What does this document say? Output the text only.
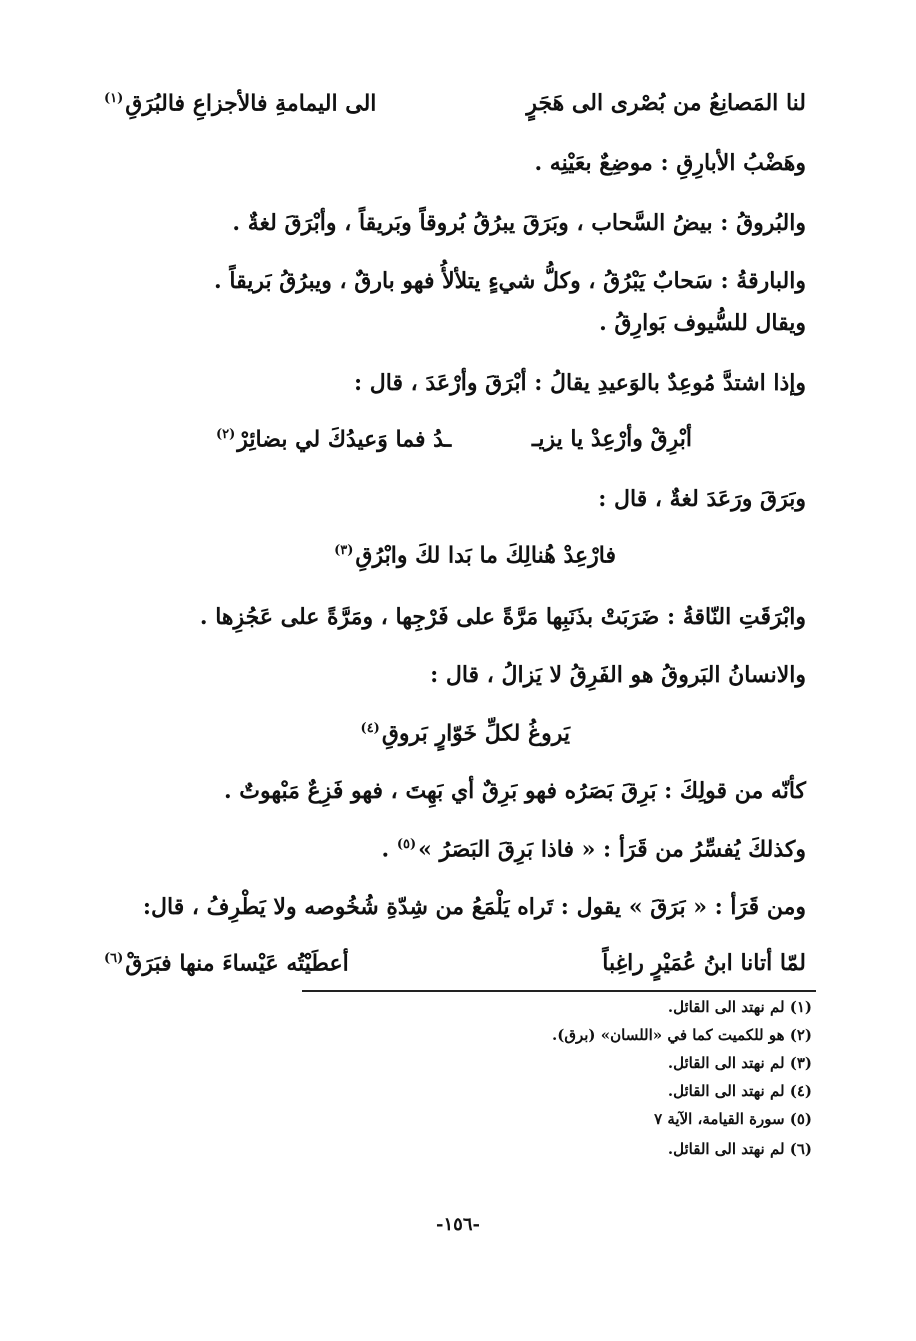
لنا المَصانِعُ من بُصْرى الى هَجَرٍ
الى اليمامةِ فالأجزاعِ فالبُرَقِ$^{(١)}$
وهَضْبُ الأبارِقِ : موضِعٌ بعَيْنِه .
والبُروقُ : بيضُ السَّحاب ، وبَرَقَ يبرُقُ بُروقاً وبَريقاً ، وأبْرَقَ لغةٌ .
والبارقةُ : سَحابٌ يَبْرُقُ ، وكلُّ شيءٍ يتلألأُ فهو بارقٌ ، ويبرُقُ بَريقاً .
ويقال للسُّيوف بَوارِقُ .
وإذا اشتدَّ مُوعِدٌ بالوَعيدِ يقالُ : أبْرَقَ وأرْعَدَ ، قال :
أبْرِقْ وأرْعِدْ يا يزيـ
ـدُ فما وَعيدُكَ لي بضائِرْ$^{(٢)}$
وبَرَقَ ورَعَدَ لغةٌ ، قال :
فارْعِدْ هُنالِكَ ما بَدا لكَ وابْرُقِ$^{(٣)}$
وابْرَقَتِ النّاقةُ : ضَرَبَتْ بذَنَبِها مَرَّةً على فَرْجِها ، ومَرَّةً على عَجُزِها .
والانسانُ البَروقُ هو الفَرِقُ لا يَزالُ ، قال :
يَروغُ لكلِّ خَوّارٍ بَروقِ$^{(٤)}$
كأنّه من قولِكَ : بَرِقَ بَصَرُه فهو بَرِقٌ أي بَهِتَ ، فهو فَزِعٌ مَبْهوتٌ .
وكذلكَ يُفسِّرُ من قَرَأ : « فاذا بَرِقَ البَصَرُ »$^{(٥)}$ .
ومن قَرَأ : « بَرَقَ » يقول : تَراه يَلْمَعُ من شِدّةِ شُخُوصه ولا يَطْرِفُ ، قال:
لمّا أتانا ابنُ عُمَيْرٍ راغِباً
أعطَيْتُه عَيْساءَ منها فبَرَقْ$^{(٦)}$
(١) لم نهتد الى القائل.
(٢) هو للكميت كما في «اللسان» (برق).
(٣) لم نهتد الى القائل.
(٤) لم نهتد الى القائل.
(٥) سورة القيامة، الآية ٧
(٦) لم نهتد الى القائل.
-١٥٦-
